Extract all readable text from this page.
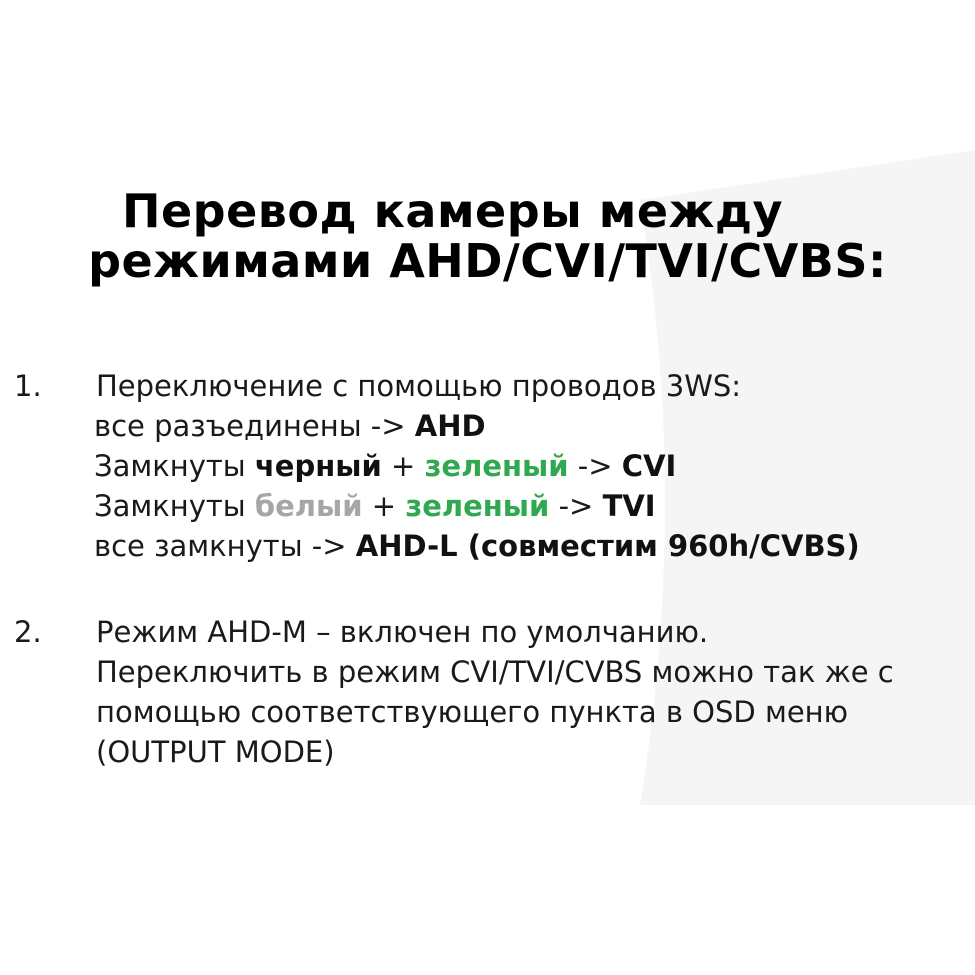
Перевод камеры между
режимами AHD/CVI/TVI/CVBS:
1.	Переключение с помощью проводов 3WS:
все разъединены -> AHD
Замкнуты черный + зеленый -> CVI
Замкнуты белый + зеленый -> TVI
все замкнуты -> AHD-L (совместим 960h/CVBS)
2.	Режим AHD-M – включен по умолчанию.
Переключить в режим CVI/TVI/CVBS можно так же с
помощью соответствующего пункта в OSD меню
(OUTPUT MODE)
